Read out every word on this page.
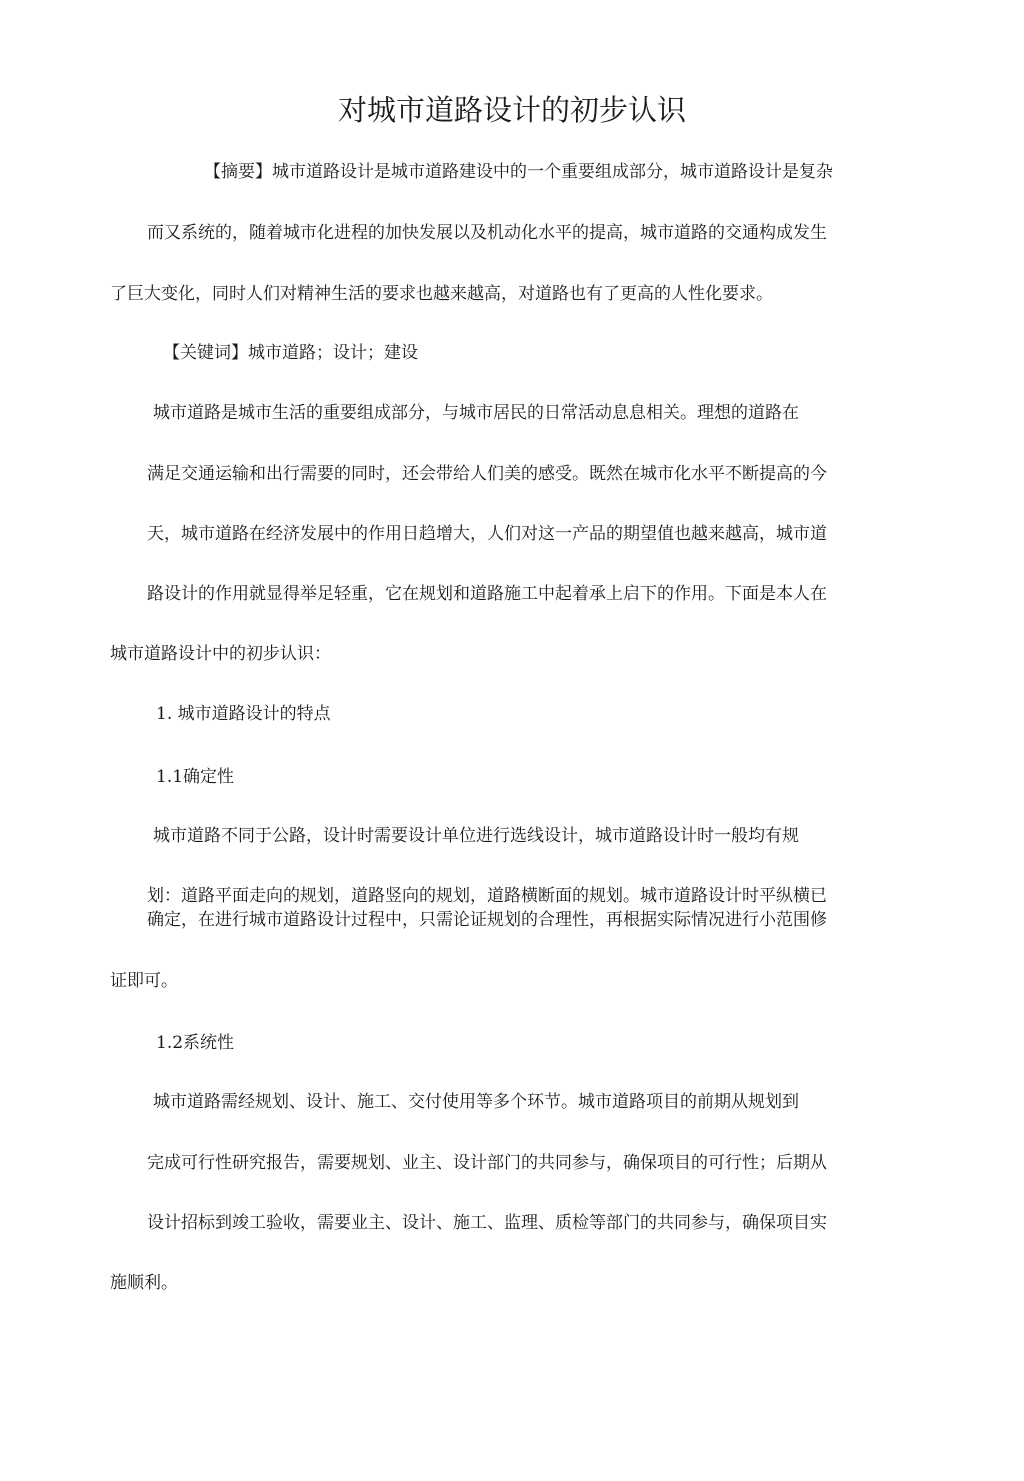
对城市道路设计的初步认识
【摘要】城市道路设计是城市道路建设中的一个重要组成部分，城市道路设计是复杂
而又系统的，随着城市化进程的加快发展以及机动化水平的提高，城市道路的交通构成发生
了巨大变化，同时人们对精神生活的要求也越来越高，对道路也有了更高的人性化要求。
【关键词】城市道路；设计；建设
城市道路是城市生活的重要组成部分，与城市居民的日常活动息息相关。理想的道路在
满足交通运输和出行需要的同时，还会带给人们美的感受。既然在城市化水平不断提高的今
天，城市道路在经济发展中的作用日趋增大，人们对这一产品的期望值也越来越高，城市道
路设计的作用就显得举足轻重，它在规划和道路施工中起着承上启下的作用。下面是本人在
城市道路设计中的初步认识：
1. 城市道路设计的特点
1.1确定性
城市道路不同于公路，设计时需要设计单位进行选线设计，城市道路设计时一般均有规
划：道路平面走向的规划，道路竖向的规划，道路横断面的规划。城市道路设计时平纵横已
确定，在进行城市道路设计过程中，只需论证规划的合理性，再根据实际情况进行小范围修
证即可。
1.2系统性
城市道路需经规划、设计、施工、交付使用等多个环节。城市道路项目的前期从规划到
完成可行性研究报告，需要规划、业主、设计部门的共同参与，确保项目的可行性；后期从
设计招标到竣工验收，需要业主、设计、施工、监理、质检等部门的共同参与，确保项目实
施顺利。
